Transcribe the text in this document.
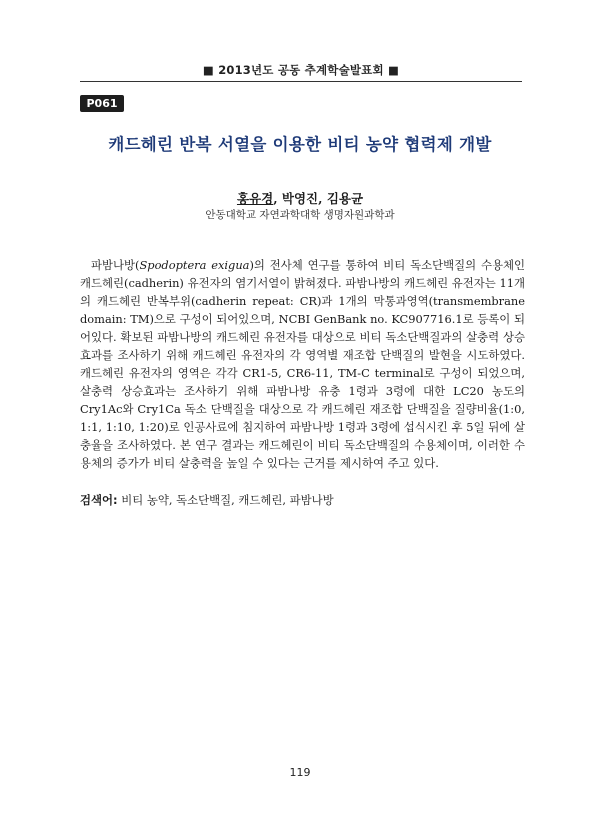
■ 2013년도 공동 추계학술발표회 ■
P061
캐드헤린 반복 서열을 이용한 비티 농약 협력제 개발
홍유경, 박영진, 김용균
안동대학교 자연과학대학 생명자원과학과
파밤나방(Spodoptera exigua)의 전사체 연구를 통하여 비티 독소단백질의 수용체인 캐드헤린(cadherin) 유전자의 염기서열이 밝혀졌다. 파밤나방의 캐드헤린 유전자는 11개의 캐드헤린 반복부위(cadherin repeat: CR)과 1개의 막통과영역(transmembrane domain: TM)으로 구성이 되어있으며, NCBI GenBank no. KC907716.1로 등록이 되어있다. 확보된 파밤나방의 캐드헤린 유전자를 대상으로 비티 독소단백질과의 살충력 상승효과를 조사하기 위해 캐드헤린 유전자의 각 영역별 재조합 단백질의 발현을 시도하였다. 캐드헤린 유전자의 영역은 각각 CR1-5, CR6-11, TM-C terminal로 구성이 되었으며, 살충력 상승효과는 조사하기 위해 파밤나방 유충 1령과 3령에 대한 LC20 농도의 Cry1Ac와 Cry1Ca 독소 단백질을 대상으로 각 캐드헤린 재조합 단백질을 질량비율(1:0, 1:1, 1:10, 1:20)로 인공사료에 침지하여 파밤나방 1령과 3령에 섭식시킨 후 5일 뒤에 살충율을 조사하였다. 본 연구 결과는 캐드헤린이 비티 독소단백질의 수용체이며, 이러한 수용체의 증가가 비티 살충력을 높일 수 있다는 근거를 제시하여 주고 있다.
검색어: 비티 농약, 독소단백질, 캐드헤린, 파밤나방
119
